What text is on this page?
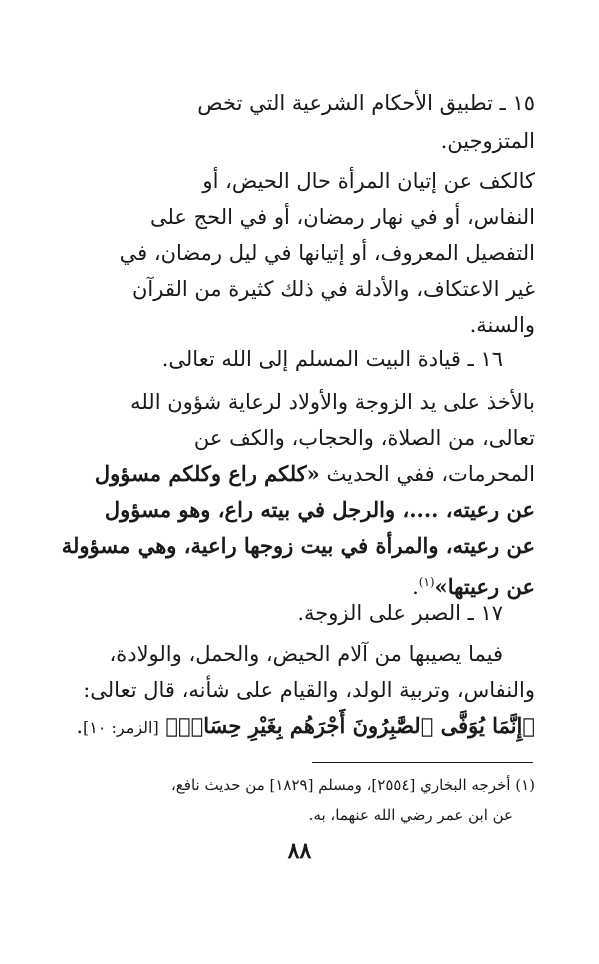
١٥ ـ تطبيق الأحكام الشرعية التي تخص
المتزوجين.
كالكف عن إتيان المرأة حال الحيض، أو
النفاس، أو في نهار رمضان، أو في الحج على
التفصيل المعروف، أو إتيانها في ليل رمضان، في
غير الاعتكاف، والأدلة في ذلك كثيرة من القرآن
والسنة.
١٦ ـ قيادة البيت المسلم إلى الله تعالى.
بالأخذ على يد الزوجة والأولاد لرعاية شؤون الله
تعالى، من الصلاة، والحجاب، والكف عن
المحرمات، ففي الحديث «كلكم راع وكلكم مسؤول
عن رعيته، ....، والرجل في بيته راع، وهو مسؤول
عن رعيته، والمرأة في بيت زوجها راعية، وهي مسؤولة
عن رعيتها»$^{(١)}$.
١٧ ـ الصبر على الزوجة.
فيما يصيبها من آلام الحيض، والحمل، والولادة،
والنفاس، وتربية الولد، والقيام على شأنه، قال تعالى:
﴿إِنَّمَا يُوَفَّى ٱلصَّٰبِرُونَ أَجْرَهُم بِغَيْرِ حِسَابٖ﴾ [الزمر: ١٠].
(١) أخرجه البخاري [٢٥٥٤]، ومسلم [١٨٢٩] من حديث نافع،
عن ابن عمر رضي الله عنهما، به.
٨٨
